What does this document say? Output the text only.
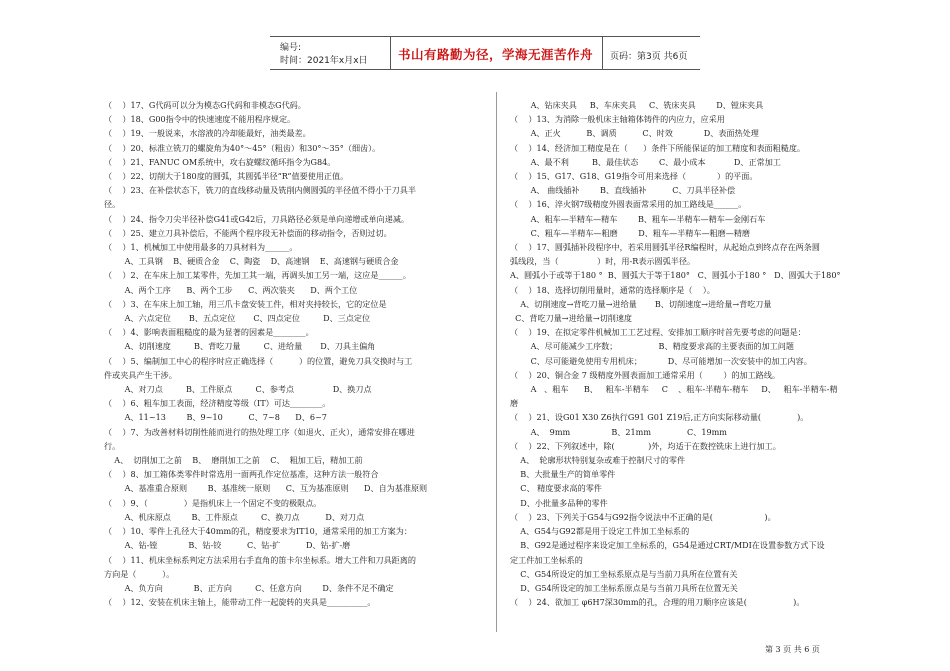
编号:
时间：2021年x月x日 书山有路勤为径，学海无涯苦作舟 页码：第3页 共6页
（    ）17、G代码可以分为模态G代码和非模态G代码。
（    ）18、G00指令中的快速速度不能用程序规定。
（    ）19、一般说来，水溶液的冷却能最好，油类最差。
（    ）20、标准立铣刀的螺旋角为40°～45°（粗齿）和30°～35°（细齿）。
（    ）21、FANUC OM系统中，攻右旋螺纹循环指令为G84。
（    ）22、切削大于180度的圆弧，其圆弧半径“R”值要使用正值。
（    ）23、在补偿状态下，铣刀的直线移动量及铣削内侧圆弧的半径值不得小于刀具半
径。
（    ）24、指令刀尖半径补偿G41或G42后，刀具路径必须是单向递增或单向递减。
（    ）25、建立刀具补偿后，不能两个程序段无补偿面的移动指令，否则过切。
（    ）1、机械加工中使用最多的刀具材料为______。
A、工具钢    B、硬质合金    C、陶瓷    D、高速钢    E、高速钢与硬质合金
（    ）2、在车床上加工某零件，先加工其一端，再调头加工另一端，这应是______。
A、两个工序      B、两个工步      C、两次装夹      D、两个工位
（    ）3、在车床上加工轴，用三爪卡盘安装工件，相对夹持较长，它的定位是
A、六点定位       B、五点定位       C、四点定位         D、三点定位
（    ）4、影响表面粗糙度的最为显著的因素是________。
A、切削速度         B、背吃刀量         C、进给量       D、刀具主偏角
（    ）5、编制加工中心的程序时应正确选择（          ）的位置，避免刀具交换时与工
件或夹具产生干涉。
A、对刀点         B、工件原点         C、参考点               D、换刀点
（    ）6、粗车加工表面，经济精度等级（IT）可达________。
A、11~13        B、9~10          C、7~8      D、6~7
（    ）7、为改善材料切削性能而进行的热处理工序（如退火、正火），通常安排在哪进
行。
A、  切削加工之前    B、  磨削加工之前    C、  粗加工后，精加工前
（    ）8、加工箱体类零件时常选用一面两孔作定位基准，这种方法一般符合
A、基准重合原则        B、基准统一原则      C、互为基准原则      D、自为基准原则
（    ）9、（              ）是指机床上一个固定不变的极限点。
A、机床原点        B、工件原点         C、换刀点          D、对刀点
（    ）10、零件上孔径大于40mm的孔，精度要求为IT10，通常采用的加工方案为：
A、钻-镗            B、钻-铰          C、钻-扩          D、钻-扩-磨
（    ）11、机床坐标系判定方法采用右手直角的笛卡尔坐标系。增大工件和刀具距离的
方向是（          ）。
A、负方向            B、正方向         C、任意方向        D、条件不足不确定
（    ）12、安装在机床主轴上，能带动工件一起旋转的夹具是__________。
A、钻床夹具     B、车床夹具     C、铣床夹具        D、镗床夹具
（    ）13、为消除一般机床主轴箱体铸件的内应力，应采用
A、正火          B、调质          C、时效            D、表面热处理
（    ）14、经济加工精度是在（      ）条件下所能保证的加工精度和表面粗糙度。
A、最不利         B、最佳状态        C、最小成本           D、正常加工
（    ）15、G17、G18、G19指令可用来选择（            ）的平面。
A、 曲线插补        B、直线插补          C、刀具半径补偿
（    ）16、淬火钢7级精度外圆表面常采用的加工路线是______。
A、粗车—半精车—精车        B、粗车—半精车—精车—金刚石车
C、粗车—半精车—粗磨        D、粗车—半精车—粗磨—精磨
（    ）17、圆弧插补段程序中，若采用圆弧半径R编程时，从起始点到终点存在两条圆
弧线段，当（               ）时，用-R表示圆弧半径。
A、圆弧小于或等于180 °  B、圆弧大于等于180°   C、圆弧小于180 °   D、圆弧大于180°
（    ）18、选择切削用量时，通常的选择顺序是（    ）。
A、切削速度→背吃刀量→进给量       B、切削速度→进给量→背吃刀量
C、背吃刀量→进给量→切削速度
（    ）19、在拟定零件机械加工工艺过程、安排加工顺序时首先要考虑的问题是：
A、尽可能减少工序数；                B、精度要求高的主要表面的加工问题
C、尽可能避免使用专用机床；          D、尽可能增加一次安装中的加工内容。
（    ）20、铜合金 7 级精度外圆表面加工通常采用（        ）的加工路线。
A   、粗车      B、   粗车-半精车     C    、粗车-半精车-精车     D、   粗车-半精车-精
磨
（    ）21、设G01 X30 Z6执行G91 G01 Z19后,正方向实际移动量(              )。
A、  9mm                B、21mm              C、19mm
（    ）22、下列叙述中，除(             )外，均适于在数控铣床上进行加工。
A、  轮廓形状特别复杂或难于控制尺寸的零件
B、大批量生产的简单零件
C、 精度要求高的零件
D、小批量多品种的零件
（    ）23、下列关于G54与G92指令说法中不正确的是(                    )。
A、G54与G92都是用于设定工件加工坐标系的
B、G92是通过程序来设定加工坐标系的，G54是通过CRT/MDI在设置参数方式下设
定工件加工坐标系的
C、G54所设定的加工坐标系原点是与当前刀具所在位置有关
D、G54所设定的加工坐标系原点是与当前刀具所在位置无关
（    ）24、欲加工 φ6H7深30mm的孔，合理的用刀顺序应该是(                  )。
第 3 页 共 6 页
